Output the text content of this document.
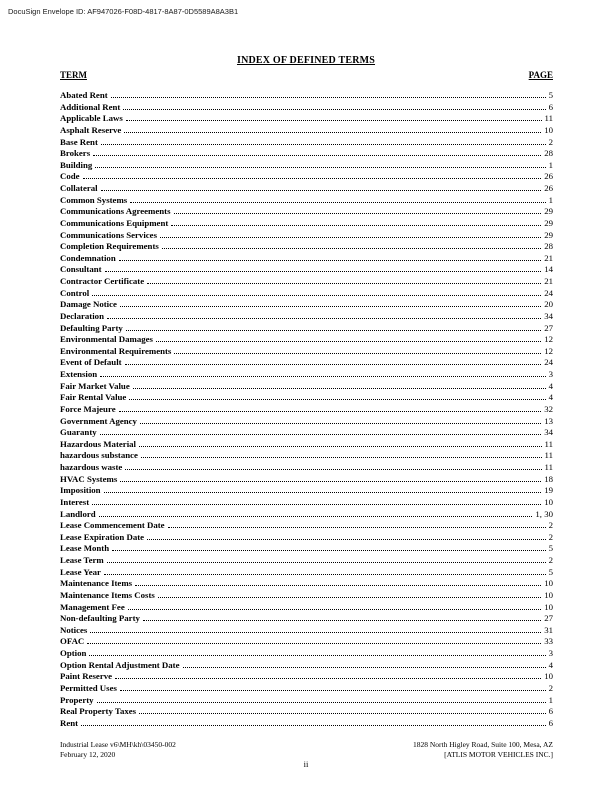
DocuSign Envelope ID: AF947026-F08D-4817-8A87-0D5589A8A3B1
INDEX OF DEFINED TERMS
TERM	PAGE
Abated Rent	5
Additional Rent	6
Applicable Laws	11
Asphalt Reserve	10
Base Rent	2
Brokers	28
Building	1
Code	26
Collateral	26
Common Systems	1
Communications Agreements	29
Communications Equipment	29
Communications Services	29
Completion Requirements	28
Condemnation	21
Consultant	14
Contractor Certificate	21
Control	24
Damage Notice	20
Declaration	34
Defaulting Party	27
Environmental Damages	12
Environmental Requirements	12
Event of Default	24
Extension	3
Fair Market Value	4
Fair Rental Value	4
Force Majeure	32
Government Agency	13
Guaranty	34
Hazardous Material	11
hazardous substance	11
hazardous waste	11
HVAC Systems	18
Imposition	19
Interest	10
Landlord	1, 30
Lease Commencement Date	2
Lease Expiration Date	2
Lease Month	5
Lease Term	2
Lease Year	5
Maintenance Items	10
Maintenance Items Costs	10
Management Fee	10
Non-defaulting Party	27
Notices	31
OFAC	33
Option	3
Option Rental Adjustment Date	4
Paint Reserve	10
Permitted Uses	2
Property	1
Real Property Taxes	6
Rent	6
Industrial Lease v6\MH\kh\03450-002
February 12, 2020
1828 North Higley Road, Suite 100, Mesa, AZ
[ATLIS MOTOR VEHICLES INC.]
ii
